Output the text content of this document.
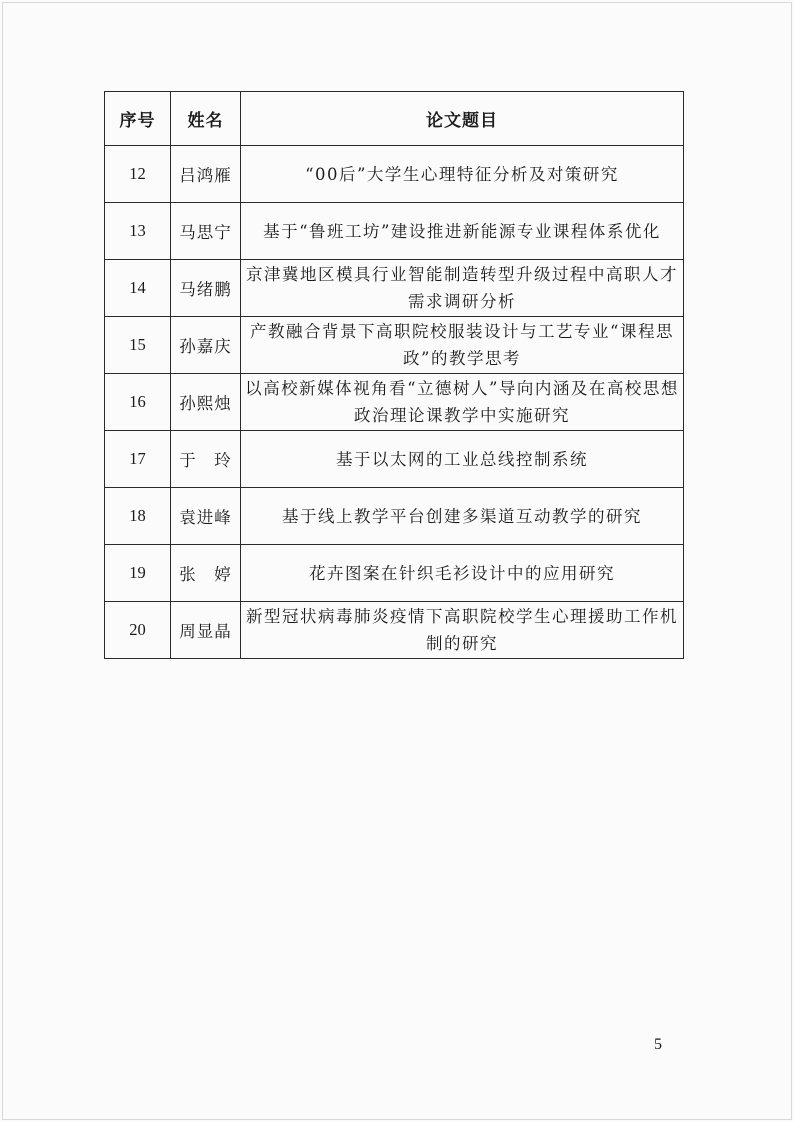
序号	姓名	论文题目
12	吕鸿雁	“00后”大学生心理特征分析及对策研究
13	马思宁	基于“鲁班工坊”建设推进新能源专业课程体系优化
14	马绪鹏	京津冀地区模具行业智能制造转型升级过程中高职人才需求调研分析
15	孙嘉庆	产教融合背景下高职院校服装设计与工艺专业“课程思政”的教学思考
16	孙熙烛	以高校新媒体视角看“立德树人”导向内涵及在高校思想政治理论课教学中实施研究
17	于　玲	基于以太网的工业总线控制系统
18	袁进峰	基于线上教学平台创建多渠道互动教学的研究
19	张　婷	花卉图案在针织毛衫设计中的应用研究
20	周显晶	新型冠状病毒肺炎疫情下高职院校学生心理援助工作机制的研究
5
